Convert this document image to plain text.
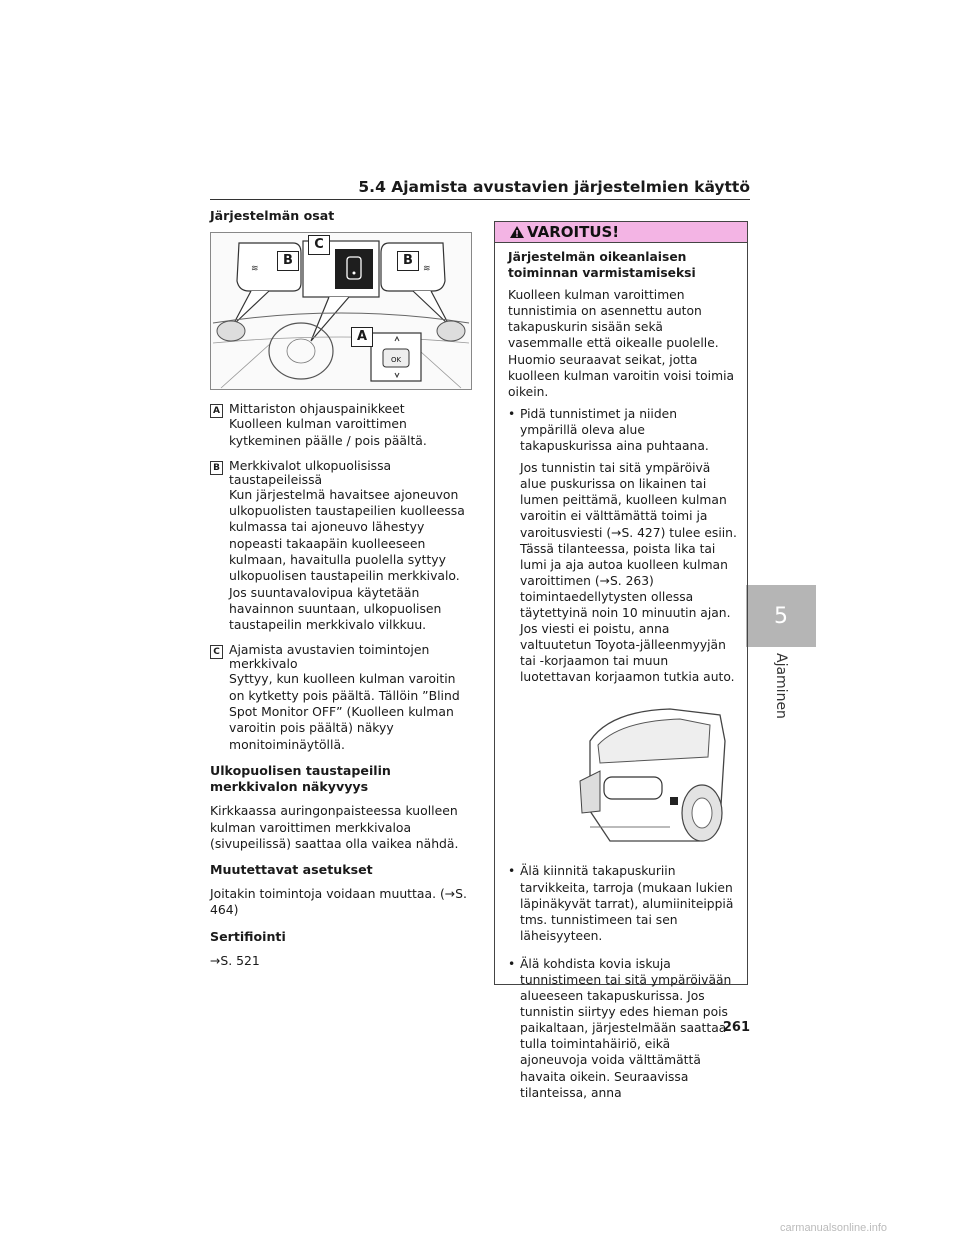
5.4 Ajamista avustavien järjestelmien käyttö
5
Ajaminen
Järjestelmän osat
OK
≋	≋
B	B
C
A
A Mittariston ohjauspainikkeet
Kuolleen kulman varoittimen kytkeminen päälle / pois päältä.
B Merkkivalot ulkopuolisissa taustapeileissä
Kun järjestelmä havaitsee ajoneuvon ulkopuolisten taustapeilien kuolleessa kulmassa tai ajoneuvo lähestyy nopeasti takaapäin kuolleeseen kulmaan, havaitulla puolella syttyy ulkopuolisen taustapeilin merkkivalo. Jos suuntavalovipua käytetään havainnon suuntaan, ulkopuolisen taustapeilin merkkivalo vilkkuu.
C Ajamista avustavien toimintojen merkkivalo
Syttyy, kun kuolleen kulman varoitin on kytketty pois päältä. Tällöin ”Blind Spot Monitor OFF” (Kuolleen kulman varoitin pois päältä) näkyy monitoiminäytöllä.
Ulkopuolisen taustapeilin merkkivalon näkyvyys

Kirkkaassa auringonpaisteessa kuolleen kulman varoittimen merkkivaloa (sivupeilissä) saattaa olla vaikea nähdä.

Muutettavat asetukset

Joitakin toimintoja voidaan muuttaa. (→S. 464)

Sertifiointi

→S. 521

VAROITUS!
Järjestelmän oikeanlaisen toiminnan varmistamiseksi

Kuolleen kulman varoittimen tunnistimia on asennettu auton takapuskurin sisään sekä vasemmalle että oikealle puolelle. Huomio seuraavat seikat, jotta kuolleen kulman varoitin voisi toimia oikein.

• Pidä tunnistimet ja niiden ympärillä oleva alue takapuskurissa aina puhtaana.

Jos tunnistin tai sitä ympäröivä alue puskurissa on likainen tai lumen peittämä, kuolleen kulman varoitin ei välttämättä toimi ja varoitusviesti (→S. 427) tulee esiin. Tässä tilanteessa, poista lika tai lumi ja aja autoa kuolleen kulman varoittimen (→S. 263) toimintaedellytysten ollessa täytettyinä noin 10 minuutin ajan. Jos viesti ei poistu, anna valtuutetun Toyota-jälleenmyyjän tai -korjaamon tai muun luotettavan korjaamon tutkia auto.

• Älä kiinnitä takapuskuriin tarvikkeita, tarroja (mukaan lukien läpinäkyvät tarrat), alumiiniteippiä tms. tunnistimeen tai sen läheisyyteen.

• Älä kohdista kovia iskuja tunnistimeen tai sitä ympäröivään alueeseen takapuskurissa. Jos tunnistin siirtyy edes hieman pois paikaltaan, järjestelmään saattaa tulla toimintahäiriö, eikä ajoneuvoja voida välttämättä havaita oikein. Seuraavissa tilanteissa, anna

261
carmanualsonline.info
